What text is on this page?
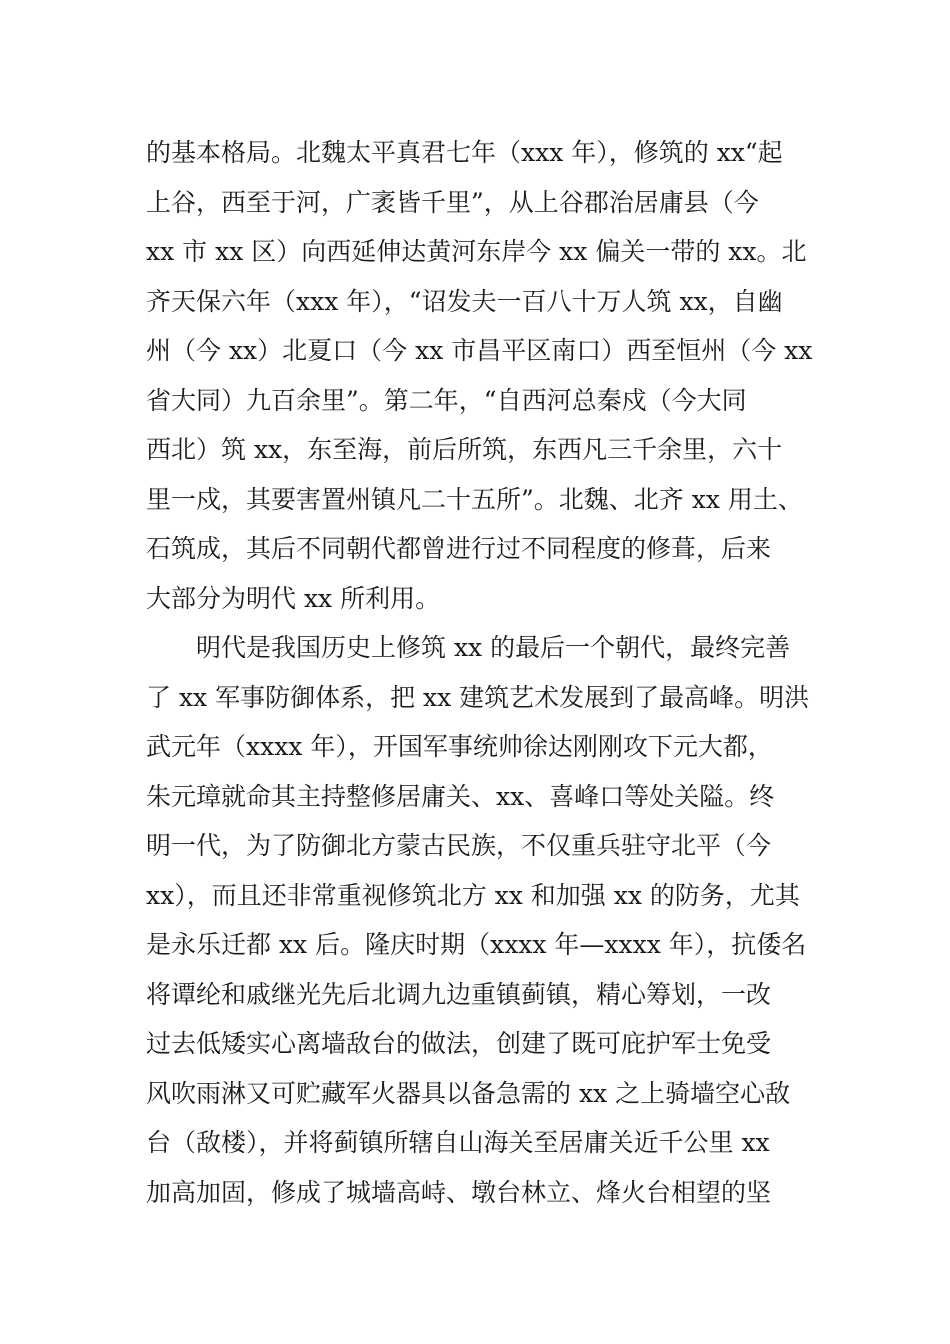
的基本格局。北魏太平真君七年（xxx 年），修筑的 xx“起
上谷，西至于河，广袤皆千里”，从上谷郡治居庸县（今
xx 市 xx 区）向西延伸达黄河东岸今 xx 偏关一带的 xx。北
齐天保六年（xxx 年），“诏发夫一百八十万人筑 xx，自幽
州（今 xx）北夏口（今 xx 市昌平区南口）西至恒州（今 xx
省大同）九百余里”。第二年，“自西河总秦戍（今大同
西北）筑 xx，东至海，前后所筑，东西凡三千余里，六十
里一戍，其要害置州镇凡二十五所”。北魏、北齐 xx 用土、
石筑成，其后不同朝代都曾进行过不同程度的修葺，后来
大部分为明代 xx 所利用。
明代是我国历史上修筑 xx 的最后一个朝代，最终完善
了 xx 军事防御体系，把 xx 建筑艺术发展到了最高峰。明洪
武元年（xxxx 年），开国军事统帅徐达刚刚攻下元大都，
朱元璋就命其主持整修居庸关、xx、喜峰口等处关隘。终
明一代，为了防御北方蒙古民族，不仅重兵驻守北平（今
xx），而且还非常重视修筑北方 xx 和加强 xx 的防务，尤其
是永乐迁都 xx 后。隆庆时期（xxxx 年—xxxx 年），抗倭名
将谭纶和戚继光先后北调九边重镇蓟镇，精心筹划，一改
过去低矮实心离墙敌台的做法，创建了既可庇护军士免受
风吹雨淋又可贮藏军火器具以备急需的 xx 之上骑墙空心敌
台（敌楼），并将蓟镇所辖自山海关至居庸关近千公里 xx
加高加固，修成了城墙高峙、墩台林立、烽火台相望的坚
